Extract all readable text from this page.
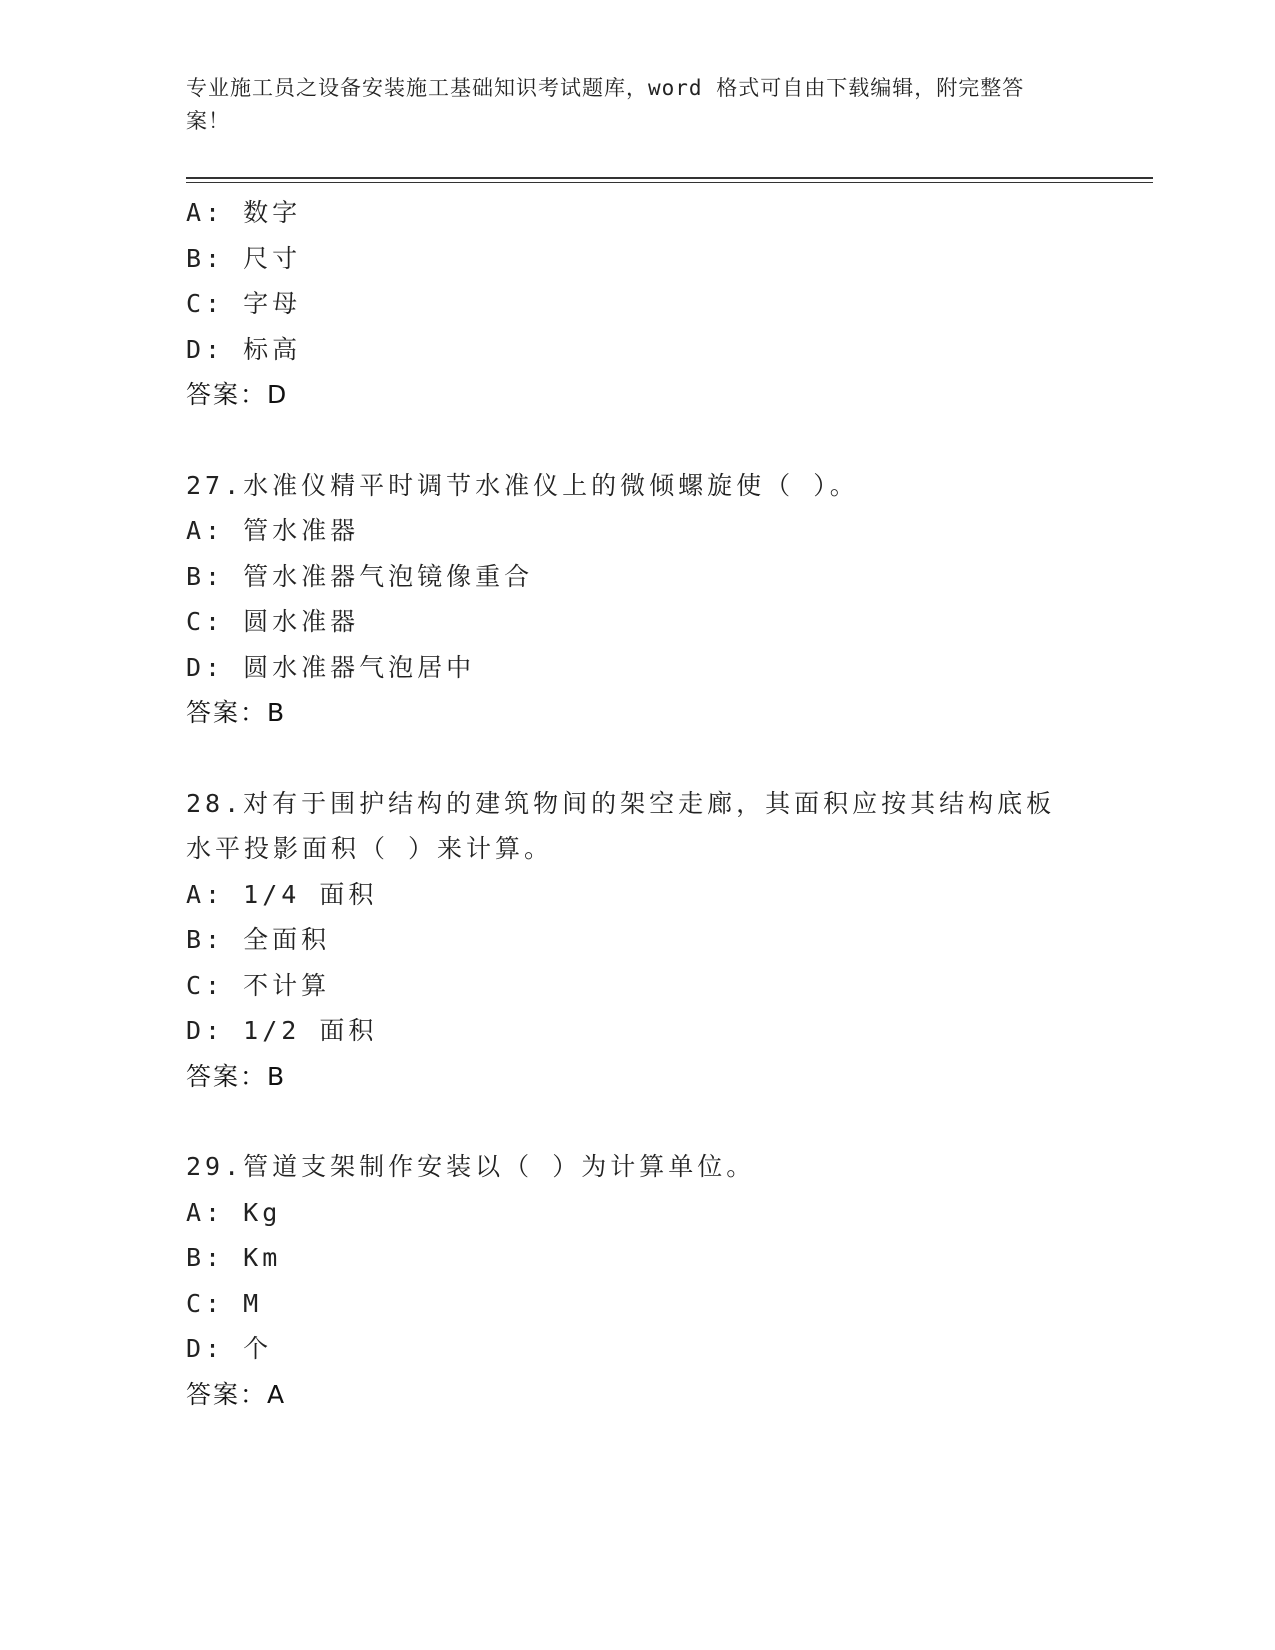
专业施工员之设备安装施工基础知识考试题库，word 格式可自由下载编辑，附完整答案！
A: 数字
B: 尺寸
C: 字母
D: 标高
答案：D
27.水准仪精平时调节水准仪上的微倾螺旋使（ ）。
A: 管水准器
B: 管水准器气泡镜像重合
C: 圆水准器
D: 圆水准器气泡居中
答案：B
28.对有于围护结构的建筑物间的架空走廊，其面积应按其结构底板水平投影面积（ ）来计算。
A: 1/4 面积
B: 全面积
C: 不计算
D: 1/2 面积
答案：B
29.管道支架制作安装以（ ）为计算单位。
A: Kg
B: Km
C: M
D: 个
答案：A
